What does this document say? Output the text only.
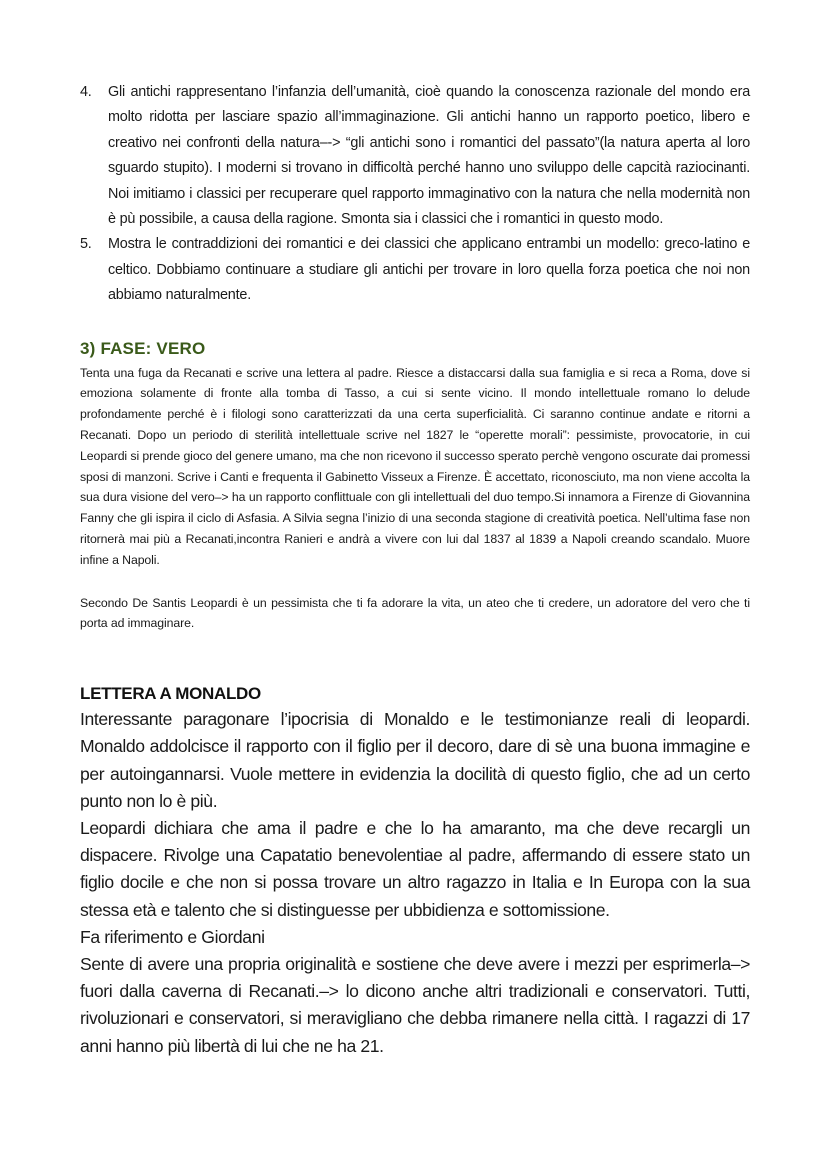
4. Gli antichi rappresentano l’infanzia dell’umanità, cioè quando la conoscenza razionale del mondo era molto ridotta per lasciare spazio all’immaginazione. Gli antichi hanno un rapporto poetico, libero e creativo nei confronti della natura–-> “gli antichi sono i romantici del passato”(la natura aperta al loro sguardo stupito). I moderni si trovano in difficoltà perché hanno uno sviluppo delle capcità raziocinanti. Noi imitiamo i classici per recuperare quel rapporto immaginativo con la natura che nella modernità non è pù possibile, a causa della ragione. Smonta sia i classici che i romantici in questo modo.
5. Mostra le contraddizioni dei romantici e dei classici che applicano entrambi un modello: greco-latino e celtico. Dobbiamo continuare a studiare gli antichi per trovare in loro quella forza poetica che noi non abbiamo naturalmente.
3) FASE: VERO

Tenta una fuga da Recanati e scrive una lettera al padre. Riesce a distaccarsi dalla sua famiglia e si reca a Roma, dove si emoziona solamente di fronte alla tomba di Tasso, a cui si sente vicino. Il mondo intellettuale romano lo delude profondamente perché è i filologi sono caratterizzati da una certa superficialità. Ci saranno continue andate e ritorni a Recanati. Dopo un periodo di sterilità intellettuale scrive nel 1827 le “operette morali”: pessimiste, provocatorie, in cui Leopardi si prende gioco del genere umano, ma che non ricevono il successo sperato perchè vengono oscurate dai promessi sposi di manzoni. Scrive i Canti e frequenta il Gabinetto Visseux a Firenze. È accettato, riconosciuto, ma non viene accolta la sua dura visione del vero–> ha un rapporto conflittuale con gli intellettuali del duo tempo.Si innamora a Firenze di Giovannina Fanny che gli ispira il ciclo di Asfasia. A Silvia segna l’inizio di una seconda stagione di creatività poetica. Nell’ultima fase non ritornerà mai più a Recanati,incontra Ranieri e andrà a vivere con lui dal 1837 al 1839 a Napoli creando scandalo. Muore infine a Napoli.

Secondo De Santis Leopardi è un pessimista che ti fa adorare la vita, un ateo che ti credere, un adoratore del vero che ti porta ad immaginare.

LETTERA A MONALDO

Interessante paragonare l’ipocrisia di Monaldo e le testimonianze reali di leopardi. Monaldo addolcisce il rapporto con il figlio per il decoro, dare di sè una buona immagine e per autoingannarsi. Vuole mettere in evidenzia la docilità di questo figlio, che ad un certo punto non lo è più.

Leopardi dichiara che ama il padre e che lo ha amaranto, ma che deve recargli un dispacere. Rivolge una Capatatio benevolentiae al padre, affermando di essere stato un figlio docile e che non si possa trovare un altro ragazzo in Italia e In Europa con la sua stessa età e talento che si distinguesse per ubbidienza e sottomissione.

Fa riferimento e Giordani

Sente di avere una propria originalità e sostiene che deve avere i mezzi per esprimerla–> fuori dalla caverna di Recanati.–> lo dicono anche altri tradizionali e conservatori. Tutti, rivoluzionari e conservatori, si meravigliano che debba rimanere nella città. I ragazzi di 17 anni hanno più libertà di lui che ne ha 21.
